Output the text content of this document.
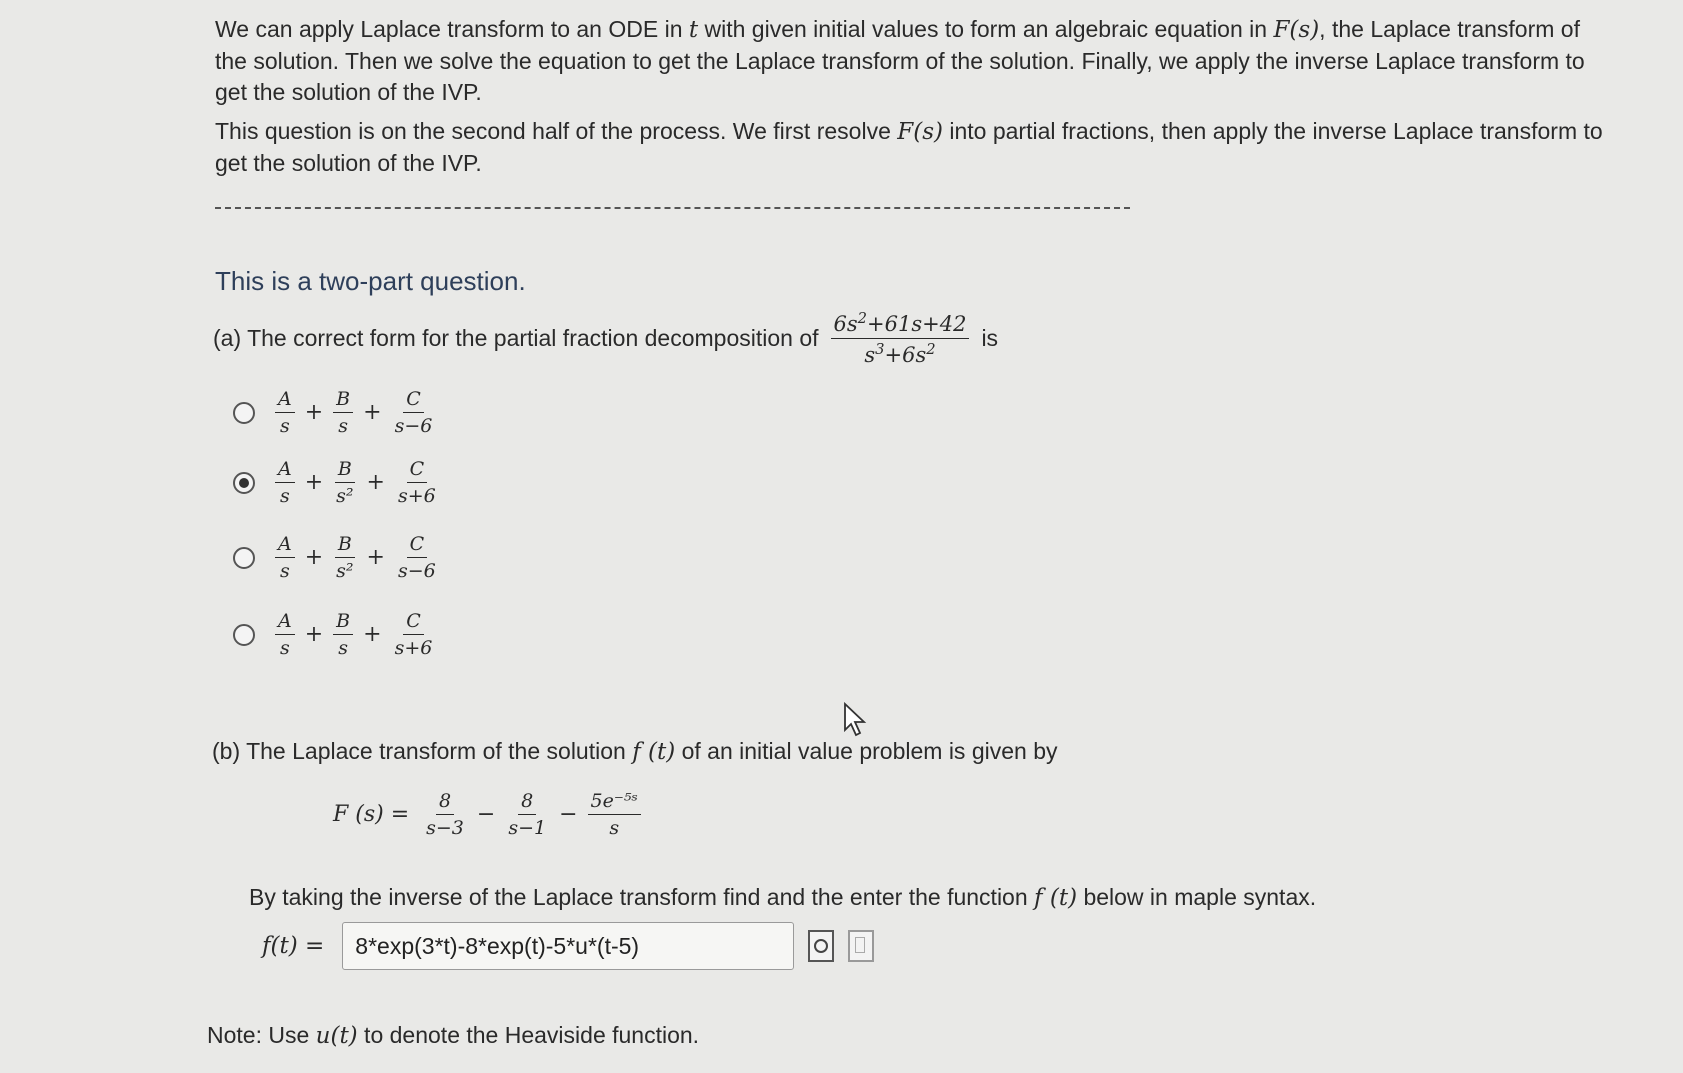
We can apply Laplace transform to an ODE in t with given initial values to form an algebraic equation in F(s), the Laplace transform of the solution. Then we solve the equation to get the Laplace transform of the solution. Finally, we apply the inverse Laplace transform to get the solution of the IVP.

This question is on the second half of the process. We first resolve F(s) into partial fractions, then apply the inverse Laplace transform to get the solution of the IVP.

This is a two-part question.
(a) The correct form for the partial fraction decomposition of $\frac{6s^2+61s+42}{s^3+6s^2}$ is
$\frac{A}{s} + \frac{B}{s} + \frac{C}{s-6}$
$\frac{A}{s} + \frac{B}{\text{s²}} + \frac{C}{s+6}$
$\frac{A}{s} + \frac{B}{\text{s²}} + \frac{C}{s-6}$
$\frac{A}{s} + \frac{B}{s} + \frac{C}{s+6}$
(b) The Laplace transform of the solution f (t) of an initial value problem is given by
F $(s) = \frac{8}{s-3} - \frac{8}{s-1} - \frac{\text{5e⁻⁵ˢ}}{s}$
By taking the inverse of the Laplace transform find and the enter the function f (t) below in maple syntax.
f(t) =	8*exp(3*t)-8*exp(t)-5*u*(t-5)
Note: Use u(t) to denote the Heaviside function.
